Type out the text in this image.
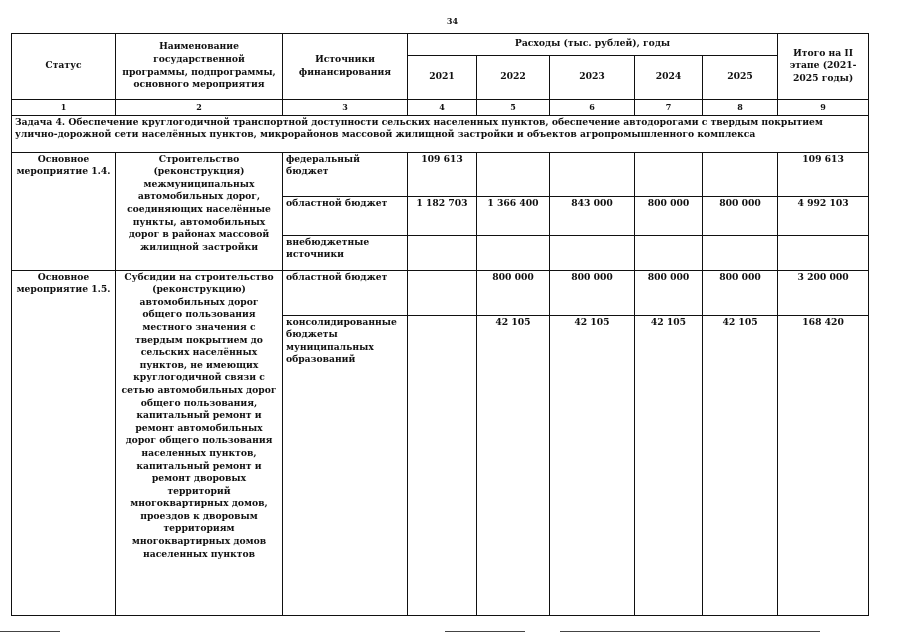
34
Статус	Наименование государственной программы, подпрограммы, основного мероприятия	Источники финансирования	Расходы (тыс. рублей), годы					Итого на II этапе (2021-2025 годы)
			2021	2022	2023	2024	2025	
1	2	3	4	5	6	7	8	9
Задача 4. Обеспечение круглогодичной транспортной доступности сельских населенных пунктов, обеспечение автодорогами с твердым покрытием улично-дорожной сети населённых пунктов, микрорайонов массовой жилищной застройки и объектов агропромышленного комплекса								
Основное мероприятие 1.4.	Строительство (реконструкция) межмуниципальных автомобильных дорог, соединяющих населённые пункты, автомобильных дорог в районах массовой жилищной застройки	федеральный бюджет	109 613					109 613
		областной бюджет	1 182 703	1 366 400	843 000	800 000	800 000	4 992 103
		внебюджетные источники						
Основное мероприятие 1.5.	Субсидии на строительство (реконструкцию) автомобильных дорог общего пользования местного значения с твердым покрытием до сельских населённых пунктов, не имеющих круглогодичной связи с сетью автомобильных дорог общего пользования, капитальный ремонт и ремонт автомобильных дорог общего пользования населенных пунктов, капитальный ремонт и ремонт дворовых территорий многоквартирных домов, проездов к дворовым территориям многоквартирных домов населенных пунктов	областной бюджет		800 000	800 000	800 000	800 000	3 200 000
		консолидированные бюджеты муниципальных образований		42 105	42 105	42 105	42 105	168 420
